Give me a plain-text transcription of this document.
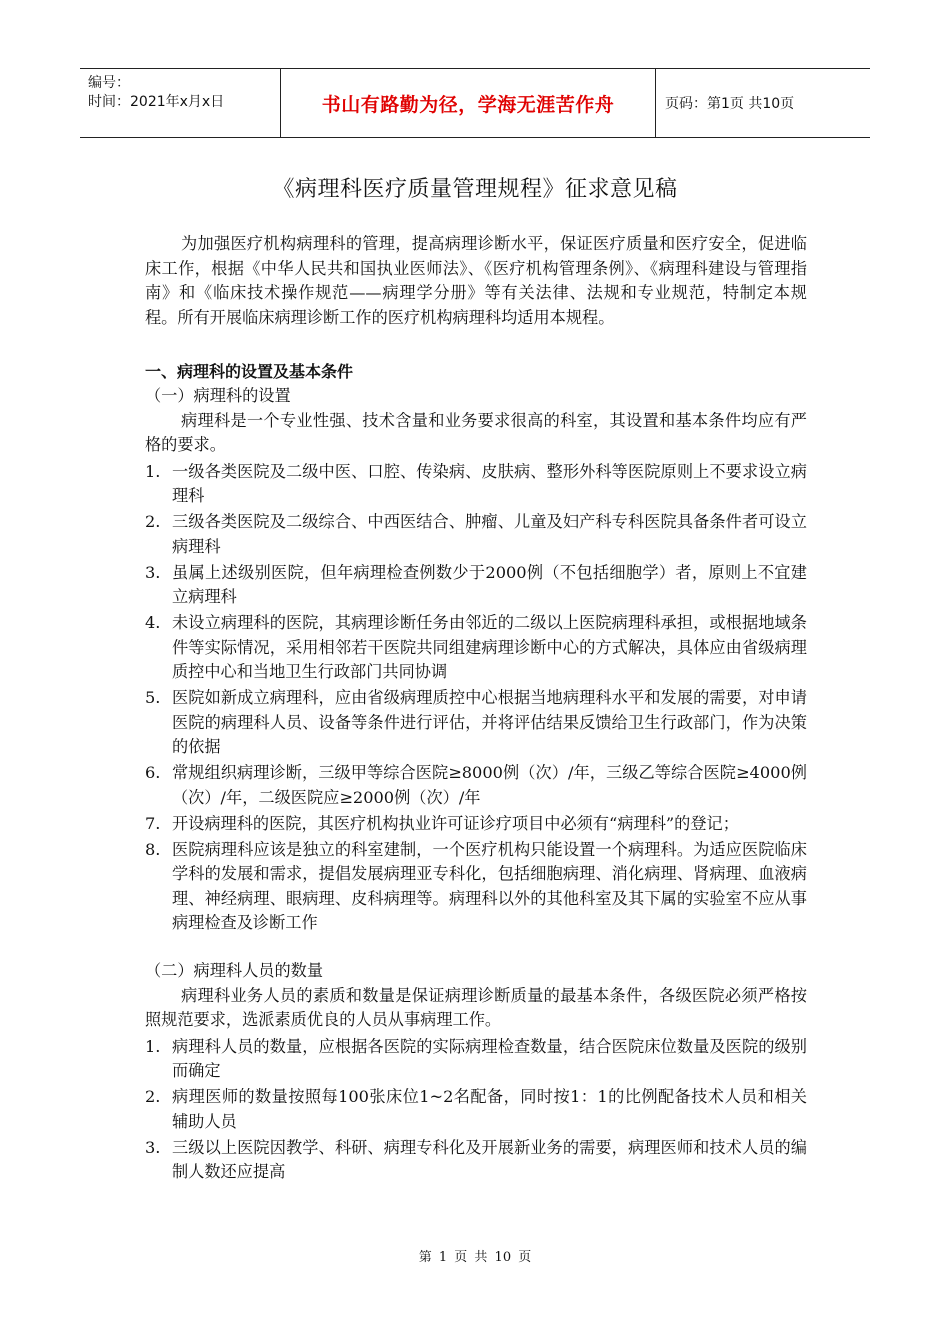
编号：
时间：2021年x月x日	书山有路勤为径，学海无涯苦作舟	页码：第1页 共10页
《病理科医疗质量管理规程》征求意见稿

为加强医疗机构病理科的管理，提高病理诊断水平，保证医疗质量和医疗安全，促进临床工作，根据《中华人民共和国执业医师法》、《医疗机构管理条例》、《病理科建设与管理指南》和《临床技术操作规范——病理学分册》等有关法律、法规和专业规范，特制定本规程。所有开展临床病理诊断工作的医疗机构病理科均适用本规程。

一、病理科的设置及基本条件
（一）病理科的设置

病理科是一个专业性强、技术含量和业务要求很高的科室，其设置和基本条件均应有严格的要求。

1. 一级各类医院及二级中医、口腔、传染病、皮肤病、整形外科等医院原则上不要求设立病理科
2. 三级各类医院及二级综合、中西医结合、肿瘤、儿童及妇产科专科医院具备条件者可设立病理科
3. 虽属上述级别医院，但年病理检查例数少于2000例（不包括细胞学）者，原则上不宜建立病理科
4. 未设立病理科的医院，其病理诊断任务由邻近的二级以上医院病理科承担，或根据地域条件等实际情况，采用相邻若干医院共同组建病理诊断中心的方式解决，具体应由省级病理质控中心和当地卫生行政部门共同协调
5. 医院如新成立病理科，应由省级病理质控中心根据当地病理科水平和发展的需要，对申请医院的病理科人员、设备等条件进行评估，并将评估结果反馈给卫生行政部门，作为决策的依据
6. 常规组织病理诊断，三级甲等综合医院≥8000例（次）/年，三级乙等综合医院≥4000例（次）/年，二级医院应≥2000例（次）/年
7. 开设病理科的医院，其医疗机构执业许可证诊疗项目中必须有“病理科”的登记；
8. 医院病理科应该是独立的科室建制，一个医疗机构只能设置一个病理科。为适应医院临床学科的发展和需求，提倡发展病理亚专科化，包括细胞病理、消化病理、肾病理、血液病理、神经病理、眼病理、皮科病理等。病理科以外的其他科室及其下属的实验室不应从事病理检查及诊断工作
（二）病理科人员的数量

病理科业务人员的素质和数量是保证病理诊断质量的最基本条件，各级医院必须严格按照规范要求，选派素质优良的人员从事病理工作。

1. 病理科人员的数量，应根据各医院的实际病理检查数量，结合医院床位数量及医院的级别而确定
2. 病理医师的数量按照每100张床位1~2名配备，同时按1：1的比例配备技术人员和相关辅助人员
3. 三级以上医院因教学、科研、病理专科化及开展新业务的需要，病理医师和技术人员的编制人数还应提高
第 1 页 共 10 页
